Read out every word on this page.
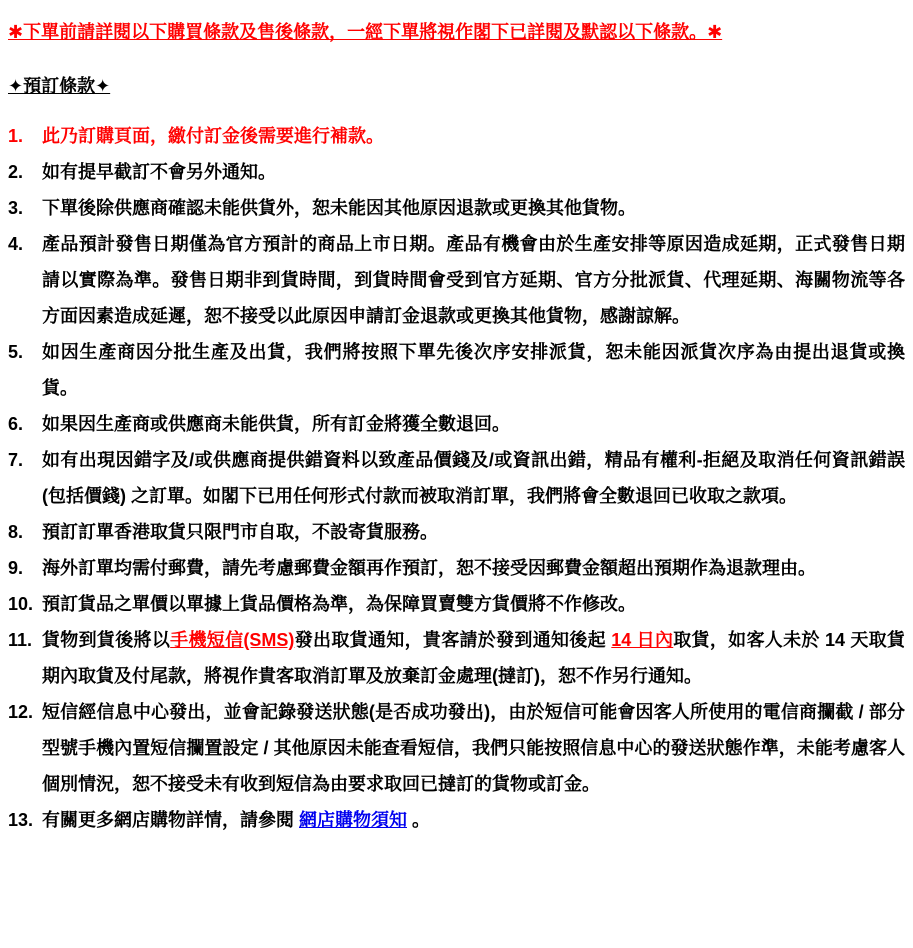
✱下單前請詳閱以下購買條款及售後條款，一經下單將視作閣下已詳閱及默認以下條款。✱

✦預訂條款✦

1.	此乃訂購頁面，繳付訂金後需要進行補款。
2.	如有提早截訂不會另外通知。
3.	下單後除供應商確認未能供貨外，恕未能因其他原因退款或更換其他貨物。
4.	產品預計發售日期僅為官方預計的商品上市日期。產品有機會由於生產安排等原因造成延期，正式發售日期請以實際為準。發售日期非到貨時間，到貨時間會受到官方延期、官方分批派貨、代理延期、海關物流等各方面因素造成延遲，恕不接受以此原因申請訂金退款或更換其他貨物，感謝諒解。
5.	如因生產商因分批生產及出貨，我們將按照下單先後次序安排派貨，恕未能因派貨次序為由提出退貨或換貨。
6.	如果因生產商或供應商未能供貨，所有訂金將獲全數退回。
7.	如有出現因錯字及/或供應商提供錯資料以致產品價錢及/或資訊出錯，精品有權利-拒絕及取消任何資訊錯誤(包括價錢) 之訂單。如閣下已用任何形式付款而被取消訂單，我們將會全數退回已收取之款項。
8.	預訂訂單香港取貨只限門市自取，不設寄貨服務。
9.	海外訂單均需付郵費，請先考慮郵費金額再作預訂，恕不接受因郵費金額超出預期作為退款理由。
10. 預訂貨品之單價以單據上貨品價格為準，為保障買賣雙方貨價將不作修改。
11. 貨物到貨後將以手機短信(SMS)發出取貨通知，貴客請於發到通知後起 14 日內取貨，如客人未於 14 天取貨期內取貨及付尾款，將視作貴客取消訂單及放棄訂金處理(撻訂)，恕不作另行通知。
12. 短信經信息中心發出，並會記錄發送狀態(是否成功發出)，由於短信可能會因客人所使用的電信商攔截 / 部分型號手機內置短信攔置設定 / 其他原因未能查看短信，我們只能按照信息中心的發送狀態作準，未能考慮客人個別情況，恕不接受未有收到短信為由要求取回已撻訂的貨物或訂金。
13. 有關更多網店購物詳情，請參閱 網店購物須知 。
